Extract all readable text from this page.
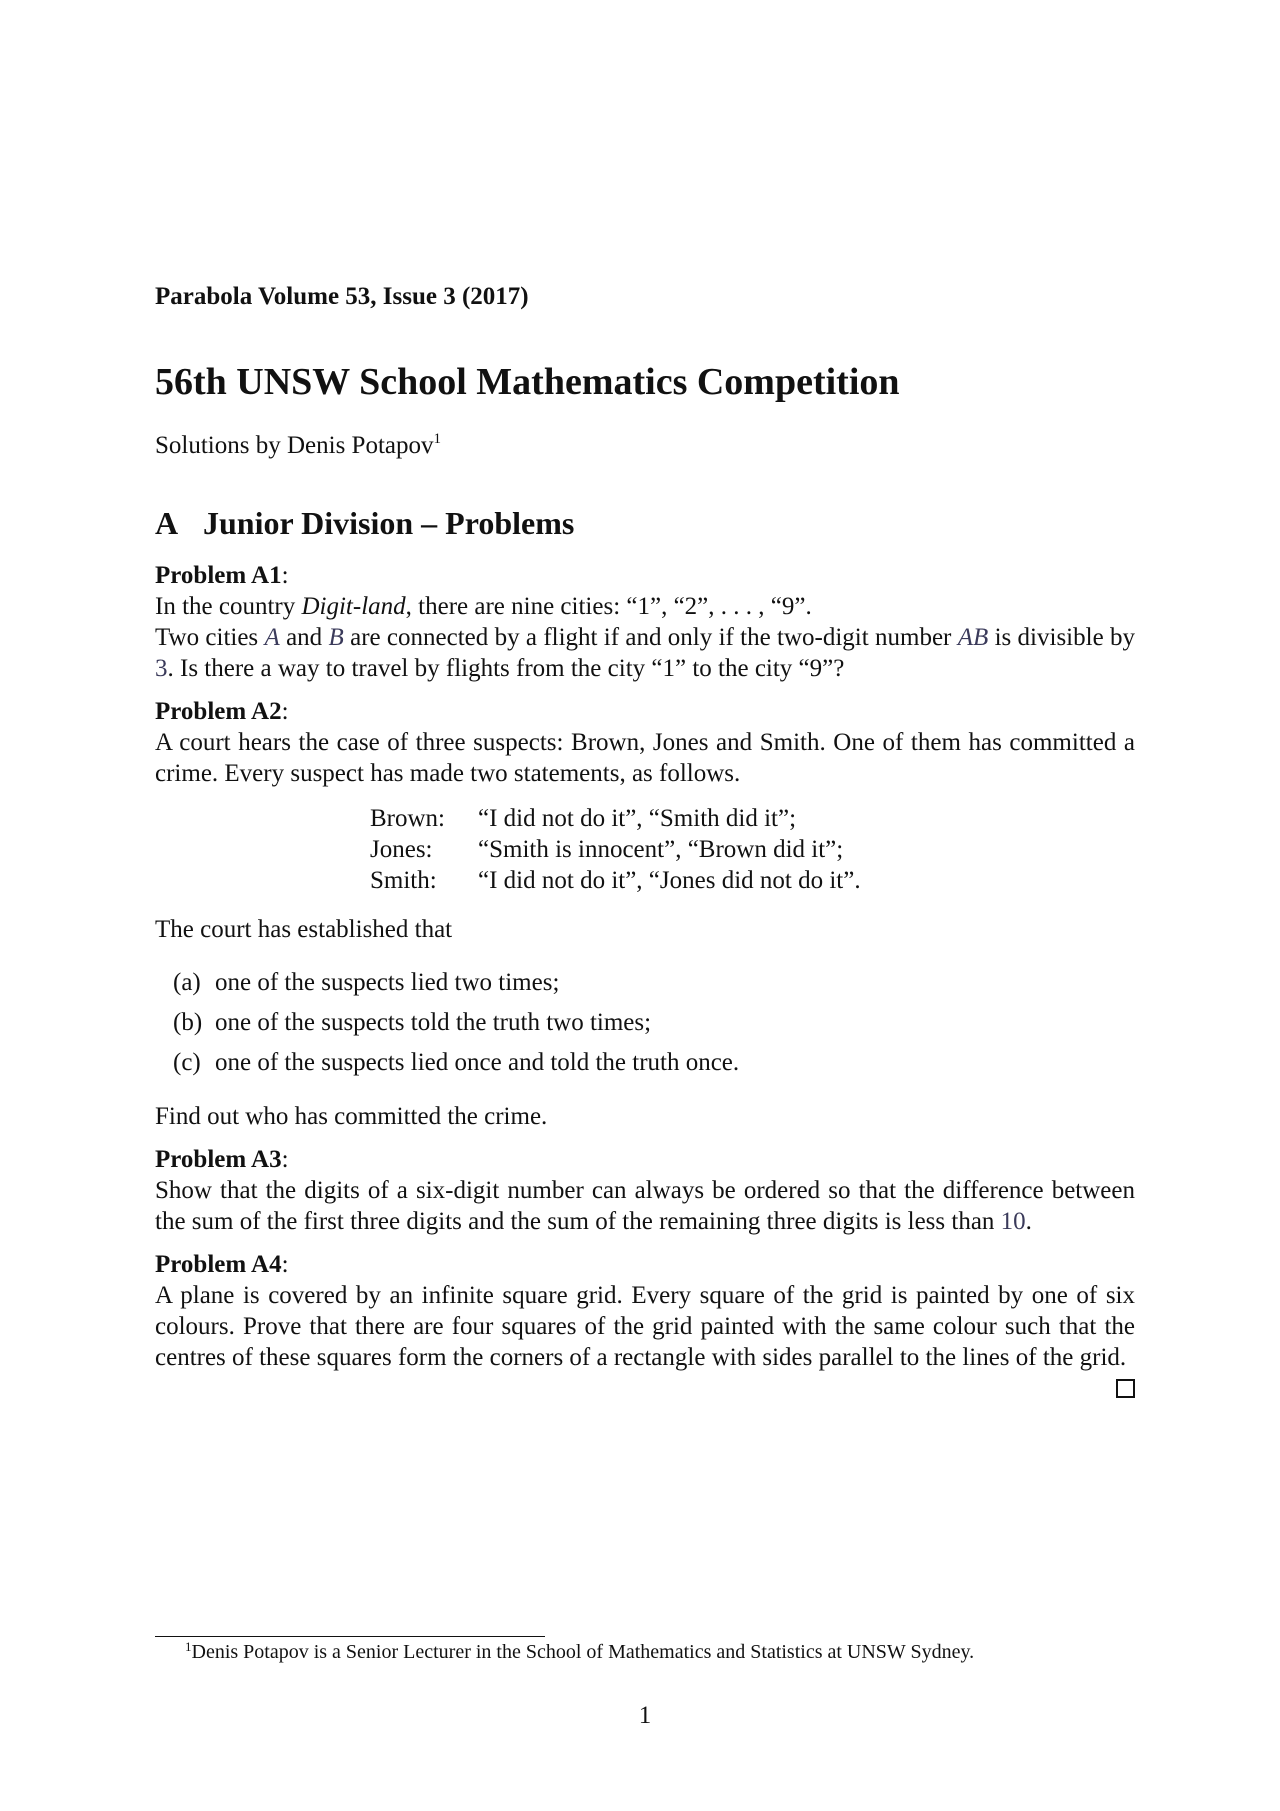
Parabola Volume 53, Issue 3 (2017)
56th UNSW School Mathematics Competition
Solutions by Denis Potapov$^1$
A Junior Division – Problems

Problem A1:

In the country Digit-land, there are nine cities: “1”, “2”, . . . , “9”.

Two cities A and B are connected by a flight if and only if the two-digit number AB is divisible by 3. Is there a way to travel by flights from the city “1” to the city “9”?

Problem A2:

A court hears the case of three suspects: Brown, Jones and Smith. One of them has committed a crime. Every suspect has made two statements, as follows.

Brown:	“I did not do it”, “Smith did it”;
Jones:	“Smith is innocent”, “Brown did it”;
Smith:	“I did not do it”, “Jones did not do it”.

The court has established that

(a) one of the suspects lied two times;
(b) one of the suspects told the truth two times;
(c) one of the suspects lied once and told the truth once.

Find out who has committed the crime.

Problem A3:

Show that the digits of a six-digit number can always be ordered so that the difference between the sum of the first three digits and the sum of the remaining three digits is less than 10.

Problem A4:

A plane is covered by an infinite square grid. Every square of the grid is painted by one of six colours. Prove that there are four squares of the grid painted with the same colour such that the centres of these squares form the corners of a rectangle with sides parallel to the lines of the grid.

$^1$Denis Potapov is a Senior Lecturer in the School of Mathematics and Statistics at UNSW Sydney.
1
